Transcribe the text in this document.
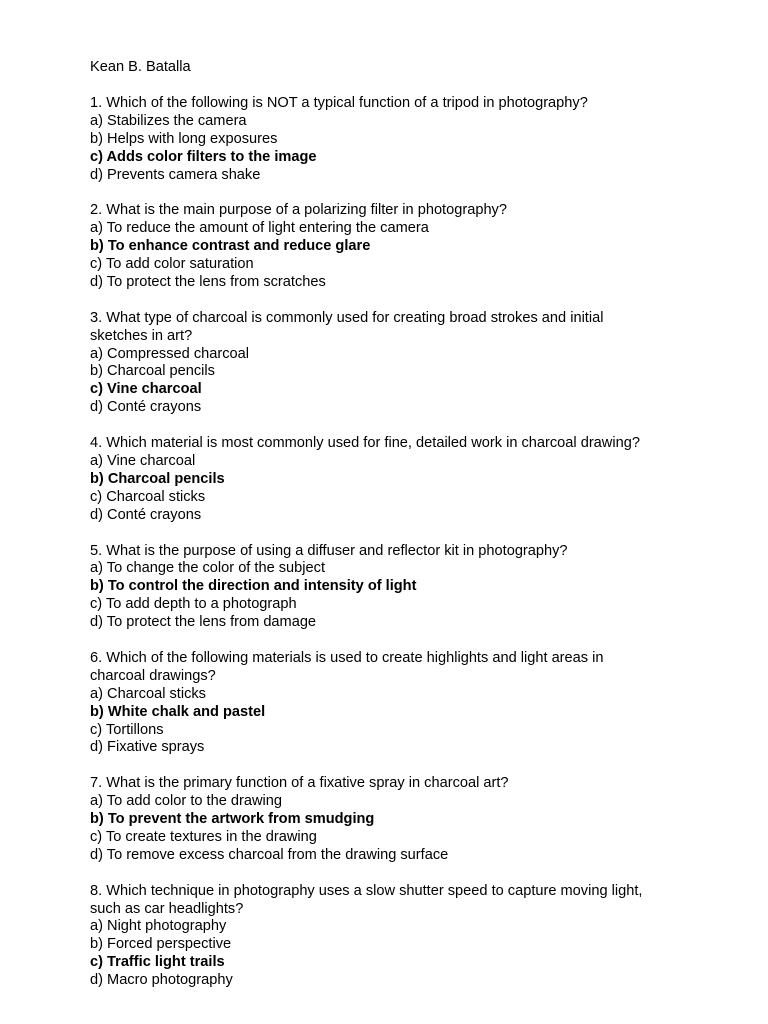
Kean B. Batalla
1. Which of the following is NOT a typical function of a tripod in photography?
a) Stabilizes the camera
b) Helps with long exposures
c) Adds color filters to the image
d) Prevents camera shake
2. What is the main purpose of a polarizing filter in photography?
a) To reduce the amount of light entering the camera
b) To enhance contrast and reduce glare
c) To add color saturation
d) To protect the lens from scratches
3. What type of charcoal is commonly used for creating broad strokes and initial sketches in art?
a) Compressed charcoal
b) Charcoal pencils
c) Vine charcoal
d) Conté crayons
4. Which material is most commonly used for fine, detailed work in charcoal drawing?
a) Vine charcoal
b) Charcoal pencils
c) Charcoal sticks
d) Conté crayons
5. What is the purpose of using a diffuser and reflector kit in photography?
a) To change the color of the subject
b) To control the direction and intensity of light
c) To add depth to a photograph
d) To protect the lens from damage
6. Which of the following materials is used to create highlights and light areas in charcoal drawings?
a) Charcoal sticks
b) White chalk and pastel
c) Tortillons
d) Fixative sprays
7. What is the primary function of a fixative spray in charcoal art?
a) To add color to the drawing
b) To prevent the artwork from smudging
c) To create textures in the drawing
d) To remove excess charcoal from the drawing surface
8. Which technique in photography uses a slow shutter speed to capture moving light, such as car headlights?
a) Night photography
b) Forced perspective
c) Traffic light trails
d) Macro photography
